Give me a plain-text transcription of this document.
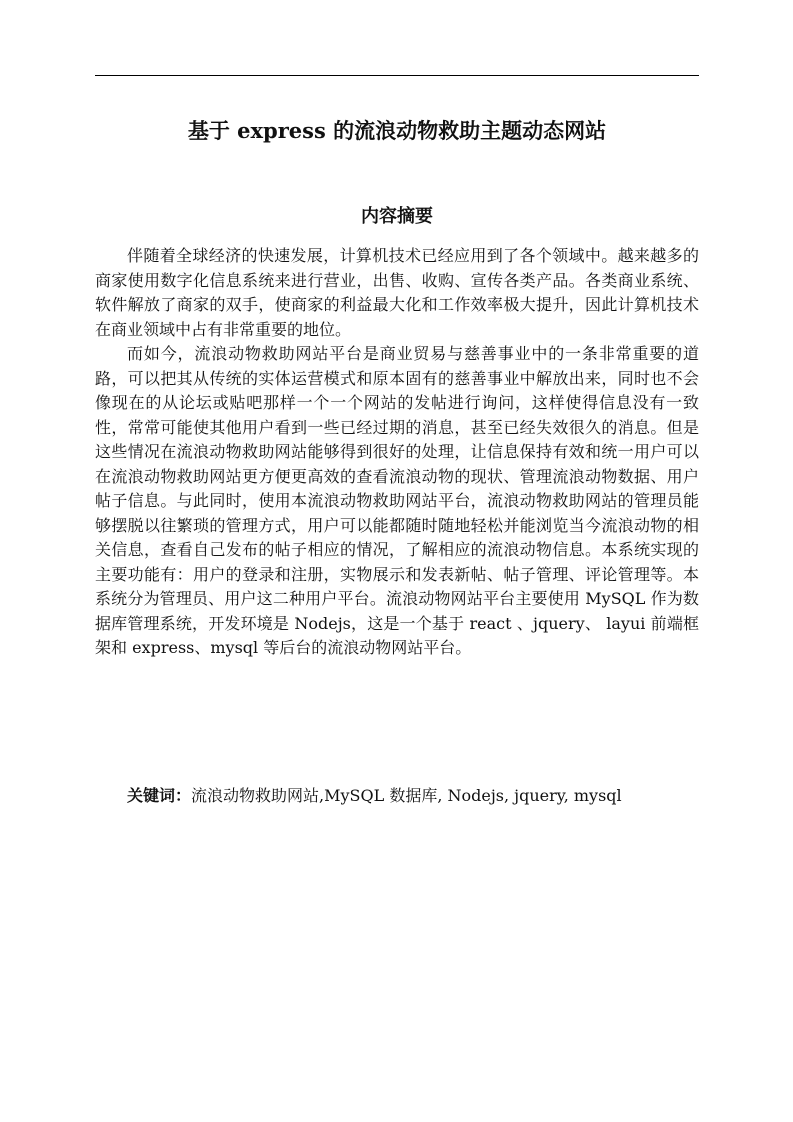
基于 express 的流浪动物救助主题动态网站
内容摘要

伴随着全球经济的快速发展，计算机技术已经应用到了各个领域中。越来越多的商家使用数字化信息系统来进行营业，出售、收购、宣传各类产品。各类商业系统、软件解放了商家的双手，使商家的利益最大化和工作效率极大提升，因此计算机技术在商业领域中占有非常重要的地位。

而如今，流浪动物救助网站平台是商业贸易与慈善事业中的一条非常重要的道路，可以把其从传统的实体运营模式和原本固有的慈善事业中解放出来，同时也不会像现在的从论坛或贴吧那样一个一个网站的发帖进行询问，这样使得信息没有一致性，常常可能使其他用户看到一些已经过期的消息，甚至已经失效很久的消息。但是这些情况在流浪动物救助网站能够得到很好的处理，让信息保持有效和统一用户可以在流浪动物救助网站更方便更高效的查看流浪动物的现状、管理流浪动物数据、用户帖子信息。与此同时，使用本流浪动物救助网站平台，流浪动物救助网站的管理员能够摆脱以往繁琐的管理方式，用户可以能都随时随地轻松并能浏览当今流浪动物的相关信息，查看自己发布的帖子相应的情况，了解相应的流浪动物信息。本系统实现的主要功能有：用户的登录和注册，实物展示和发表新帖、帖子管理、评论管理等。本系统分为管理员、用户这二种用户平台。流浪动物网站平台主要使用 MySQL 作为数据库管理系统，开发环境是 Nodejs，这是一个基于 react 、jquery、 layui 前端框架和 express、mysql 等后台的流浪动物网站平台。

关键词：流浪动物救助网站,MySQL 数据库, Nodejs, jquery, mysql
